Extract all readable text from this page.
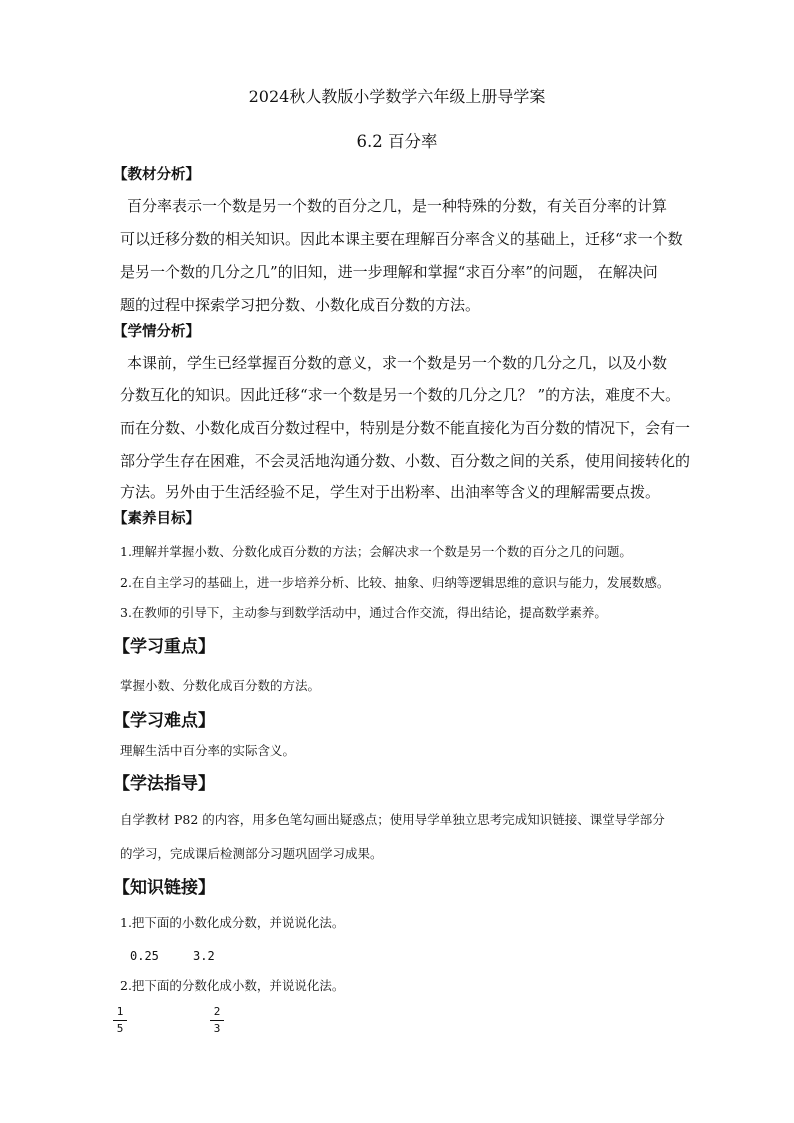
2024秋人教版小学数学六年级上册导学案
6.2 百分率
【教材分析】
百分率表示一个数是另一个数的百分之几，是一种特殊的分数，有关百分率的计算
可以迁移分数的相关知识。因此本课主要在理解百分率含义的基础上，迁移“求一个数
是另一个数的几分之几”的旧知，进一步理解和掌握“求百分率”的问题， 在解决问
题的过程中探索学习把分数、小数化成百分数的方法。
【学情分析】
本课前，学生已经掌握百分数的意义，求一个数是另一个数的几分之几，以及小数
分数互化的知识。因此迁移“求一个数是另一个数的几分之几？ ”的方法，难度不大。
而在分数、小数化成百分数过程中，特别是分数不能直接化为百分数的情况下，会有一
部分学生存在困难，不会灵活地沟通分数、小数、百分数之间的关系，使用间接转化的
方法。另外由于生活经验不足，学生对于出粉率、出油率等含义的理解需要点拨。
【素养目标】
1.理解并掌握小数、分数化成百分数的方法；会解决求一个数是另一个数的百分之几的问题。
2.在自主学习的基础上，进一步培养分析、比较、抽象、归纳等逻辑思维的意识与能力，发展数感。
3.在教师的引导下，主动参与到数学活动中，通过合作交流，得出结论，提高数学素养。
【学习重点】
掌握小数、分数化成百分数的方法。
【学习难点】
理解生活中百分率的实际含义。
【学法指导】
自学教材 P82 的内容，用多色笔勾画出疑惑点；使用导学单独立思考完成知识链接、课堂导学部分
的学习，完成课后检测部分习题巩固学习成果。
【知识链接】
1.把下面的小数化成分数，并说说化法。
0.25	3.2
2.把下面的分数化成小数，并说说化法。
1
5
2
3
